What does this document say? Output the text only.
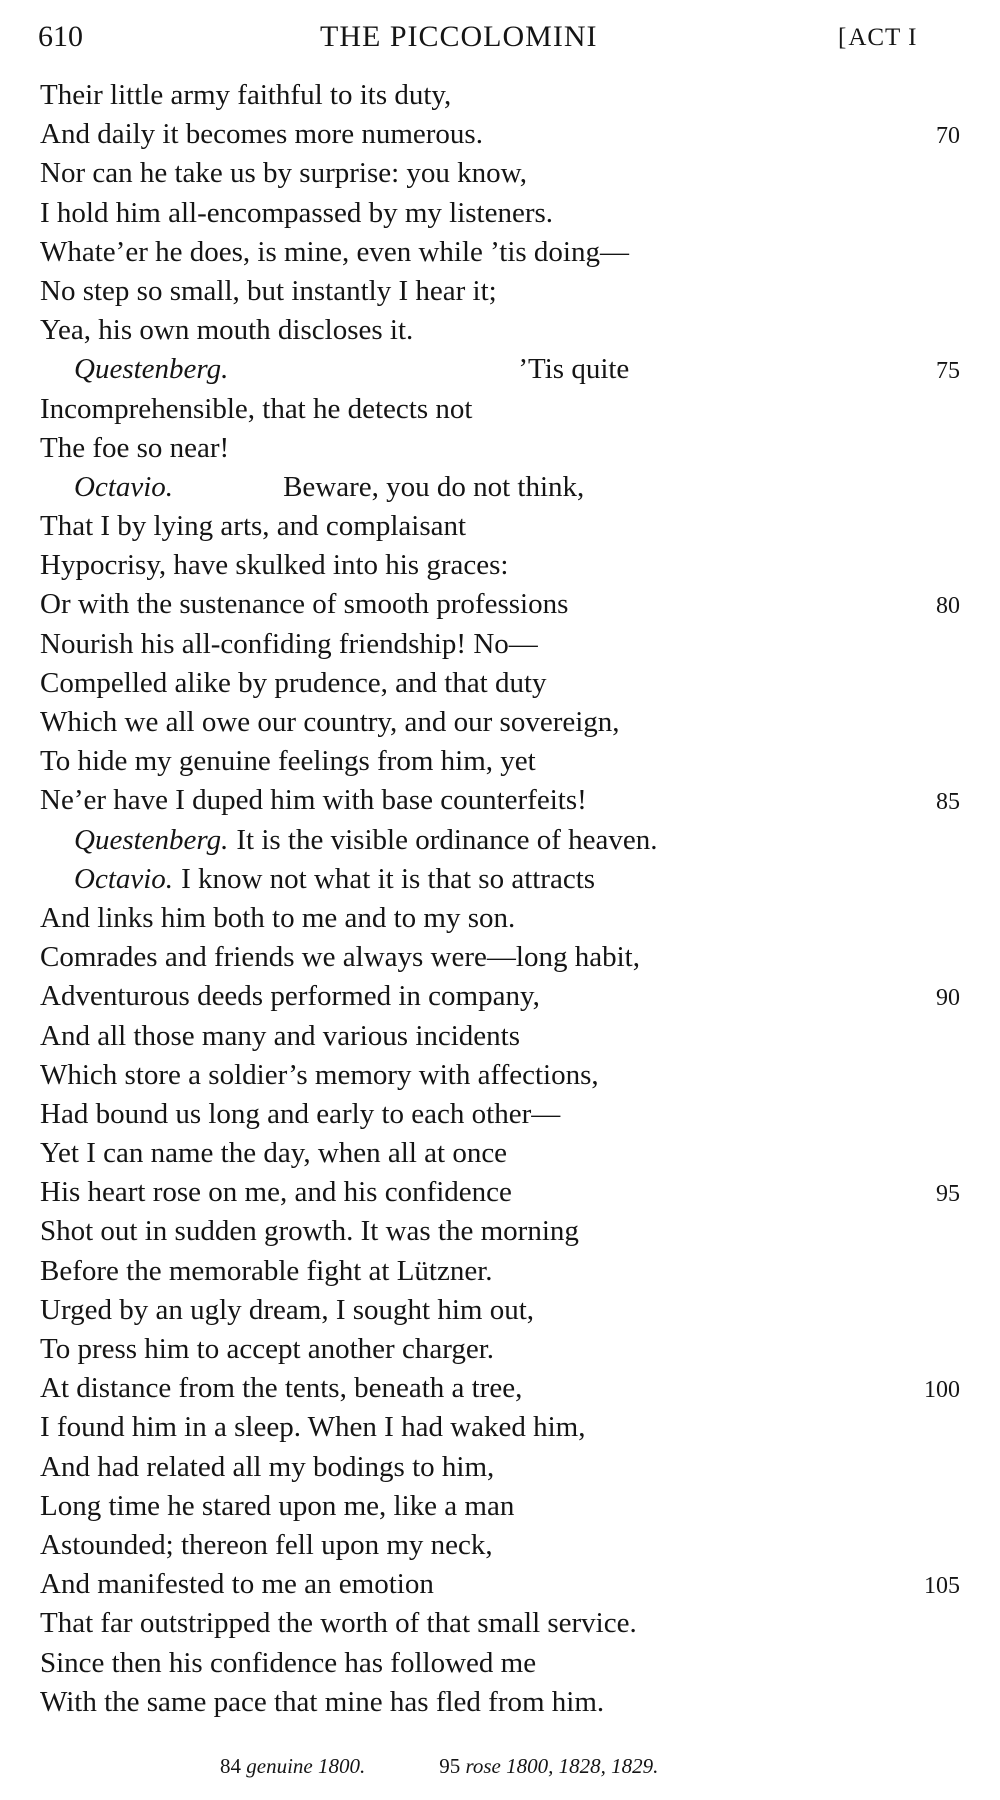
610	THE PICCOLOMINI	[ ACT I
Their little army faithful to its duty,
And daily it becomes more numerous.	70
Nor can he take us by surprise: you know,
I hold him all-encompassed by my listeners.
Whate’er he does, is mine, even while ’tis doing—
No step so small, but instantly I hear it;
Yea, his own mouth discloses it.
Questenberg.	’Tis quite	75
Incomprehensible, that he detects not
The foe so near!
Octavio.	Beware, you do not think,
That I by lying arts, and complaisant
Hypocrisy, have skulked into his graces:
Or with the sustenance of smooth professions	80
Nourish his all-confiding friendship! No—
Compelled alike by prudence, and that duty
Which we all owe our country, and our sovereign,
To hide my genuine feelings from him, yet
Ne’er have I duped him with base counterfeits!	85
Questenberg. It is the visible ordinance of heaven.
Octavio. I know not what it is that so attracts
And links him both to me and to my son.
Comrades and friends we always were—long habit,
Adventurous deeds performed in company,	90
And all those many and various incidents
Which store a soldier’s memory with affections,
Had bound us long and early to each other—
Yet I can name the day, when all at once
His heart rose on me, and his confidence	95
Shot out in sudden growth. It was the morning
Before the memorable fight at Lützner.
Urged by an ugly dream, I sought him out,
To press him to accept another charger.
At distance from the tents, beneath a tree,	100
I found him in a sleep. When I had waked him,
And had related all my bodings to him,
Long time he stared upon me, like a man
Astounded; thereon fell upon my neck,
And manifested to me an emotion	105
That far outstripped the worth of that small service.
Since then his confidence has followed me
With the same pace that mine has fled from him.
84 genuine 1800.	95 rose 1800, 1828, 1829.
